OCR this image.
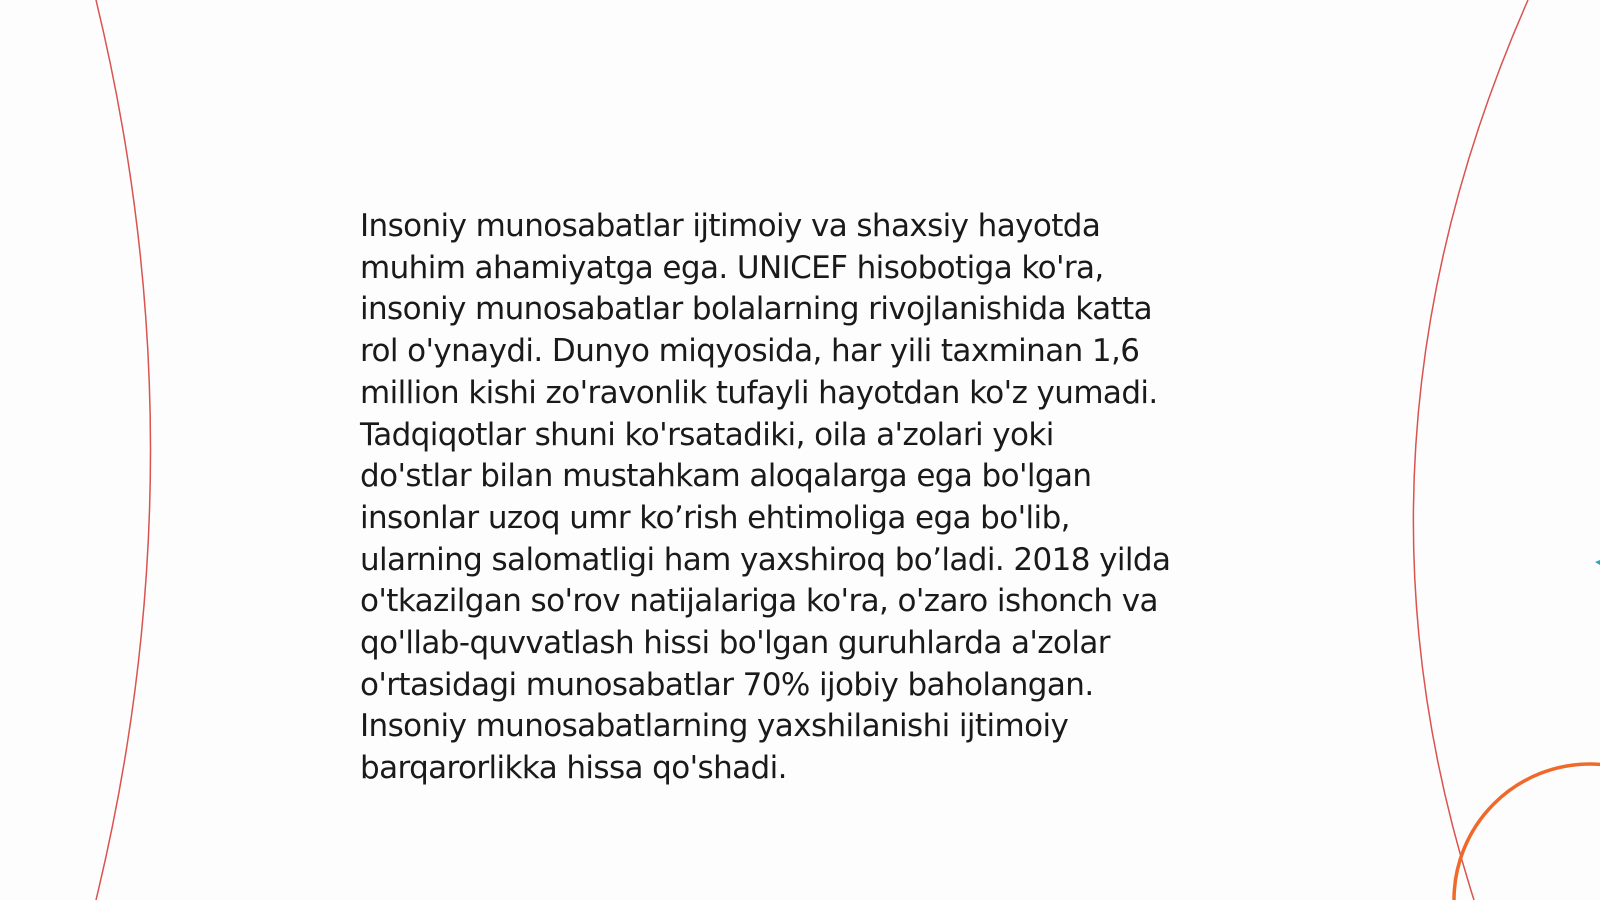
Insoniy munosabatlar ijtimoiy va shaxsiy hayotda
muhim ahamiyatga ega. UNICEF hisobotiga ko'ra,
insoniy munosabatlar bolalarning rivojlanishida katta
rol o'ynaydi. Dunyo miqyosida, har yili taxminan 1,6
million kishi zo'ravonlik tufayli hayotdan ko'z yumadi.
Tadqiqotlar shuni ko'rsatadiki, oila a'zolari yoki
do'stlar bilan mustahkam aloqalarga ega bo'lgan
insonlar uzoq umr ko’rish ehtimoliga ega bo'lib,
ularning salomatligi ham yaxshiroq bo’ladi. 2018 yilda
o'tkazilgan so'rov natijalariga ko'ra, o'zaro ishonch va
qo'llab-quvvatlash hissi bo'lgan guruhlarda a'zolar
o'rtasidagi munosabatlar 70% ijobiy baholangan.
Insoniy munosabatlarning yaxshilanishi ijtimoiy
barqarorlikka hissa qo'shadi.
